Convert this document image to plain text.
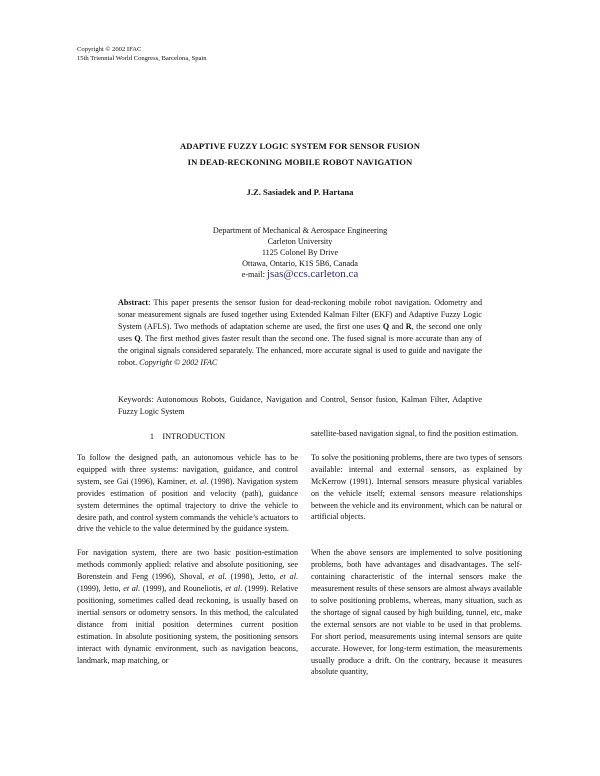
Copyright © 2002 IFAC
15th Triennial World Congress, Barcelona, Spain
ADAPTIVE FUZZY LOGIC SYSTEM FOR SENSOR FUSION
IN DEAD-RECKONING MOBILE ROBOT NAVIGATION
J.Z. Sasiadek and P. Hartana
Department of Mechanical & Aerospace Engineering
Carleton University
1125 Colonel By Drive
Ottawa, Ontario, K1S 5B6, Canada
e-mail: jsas@ccs.carleton.ca
Abstract: This paper presents the sensor fusion for dead-reckoning mobile robot navigation. Odometry and sonar measurement signals are fused together using Extended Kalman Filter (EKF) and Adaptive Fuzzy Logic System (AFLS). Two methods of adaptation scheme are used, the first one uses Q and R, the second one only uses Q. The first method gives faster result than the second one. The fused signal is more accurate than any of the original signals considered separately. The enhanced, more accurate signal is used to guide and navigate the robot. Copyright © 2002 IFAC
Keywords: Autonomous Robots, Guidance, Navigation and Control, Sensor fusion, Kalman Filter, Adaptive Fuzzy Logic System
1 INTRODUCTION

To follow the designed path, an autonomous vehicle has to be equipped with three systems: navigation, guidance, and control system, see Gai (1996), Kaminer, et. al. (1998). Navigation system provides estimation of position and velocity (path), guidance system determines the optimal trajectory to drive the vehicle to desire path, and control system commands the vehicle’s actuators to drive the vehicle to the value determined by the guidance system.

For navigation system, there are two basic position-estimation methods commonly applied: relative and absolute positioning, see Borenstein and Feng (1996), Shoval, et al. (1998), Jetto, et al. (1999), Jetto, et al. (1999), and Rouneliotis, et al. (1999). Relative positioning, sometimes called dead reckoning, is usually based on inertial sensors or odometry sensors. In this method, the calculated distance from initial position determines current position estimation. In absolute positioning system, the positioning sensors interact with dynamic environment, such as navigation beacons, landmark, map matching, or

satellite-based navigation signal, to find the position estimation.

To solve the positioning problems, there are two types of sensors available: internal and external sensors, as explained by McKerrow (1991). Internal sensors measure physical variables on the vehicle itself; external sensors measure relationships between the vehicle and its environment, which can be natural or artificial objects.

When the above sensors are implemented to solve positioning problems, both have advantages and disadvantages. The self-containing characteristic of the internal sensors make the measurement results of these sensors are almost always available to solve positioning problems, whereas, many situation, such as the shortage of signal caused by high building, tunnel, etc, make the external sensors are not viable to be used in that problems. For short period, measurements using internal sensors are quite accurate. However, for long-term estimation, the measurements usually produce a drift. On the contrary, because it measures absolute quantity,
